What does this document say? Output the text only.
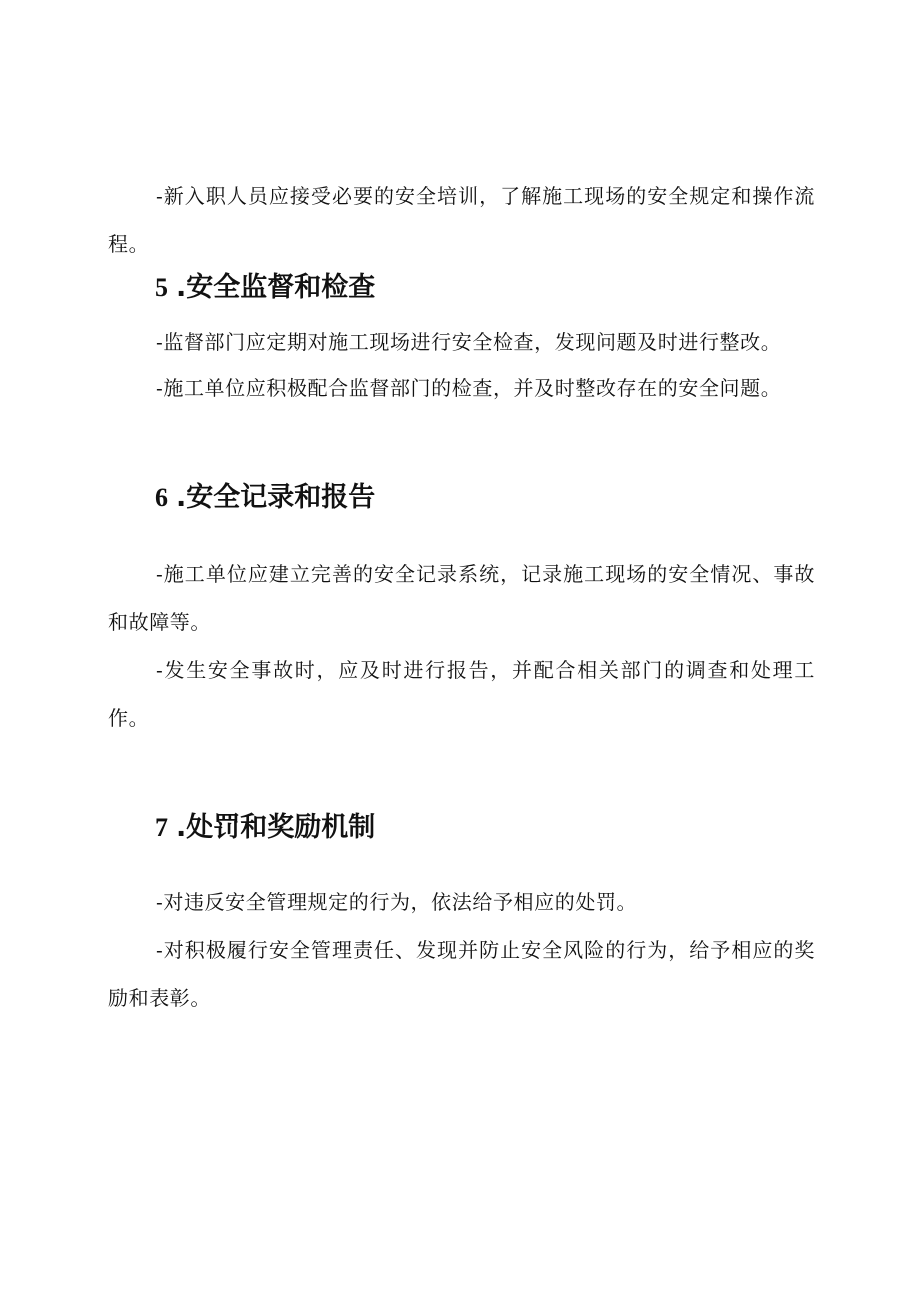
-新入职人员应接受必要的安全培训，了解施工现场的安全规定和操作流程。

5 .安全监督和检查

-监督部门应定期对施工现场进行安全检查，发现问题及时进行整改。

-施工单位应积极配合监督部门的检查，并及时整改存在的安全问题。

6 .安全记录和报告

-施工单位应建立完善的安全记录系统，记录施工现场的安全情况、事故和故障等。

-发生安全事故时，应及时进行报告，并配合相关部门的调查和处理工作。

7 .处罚和奖励机制

-对违反安全管理规定的行为，依法给予相应的处罚。

-对积极履行安全管理责任、发现并防止安全风险的行为，给予相应的奖励和表彰。
